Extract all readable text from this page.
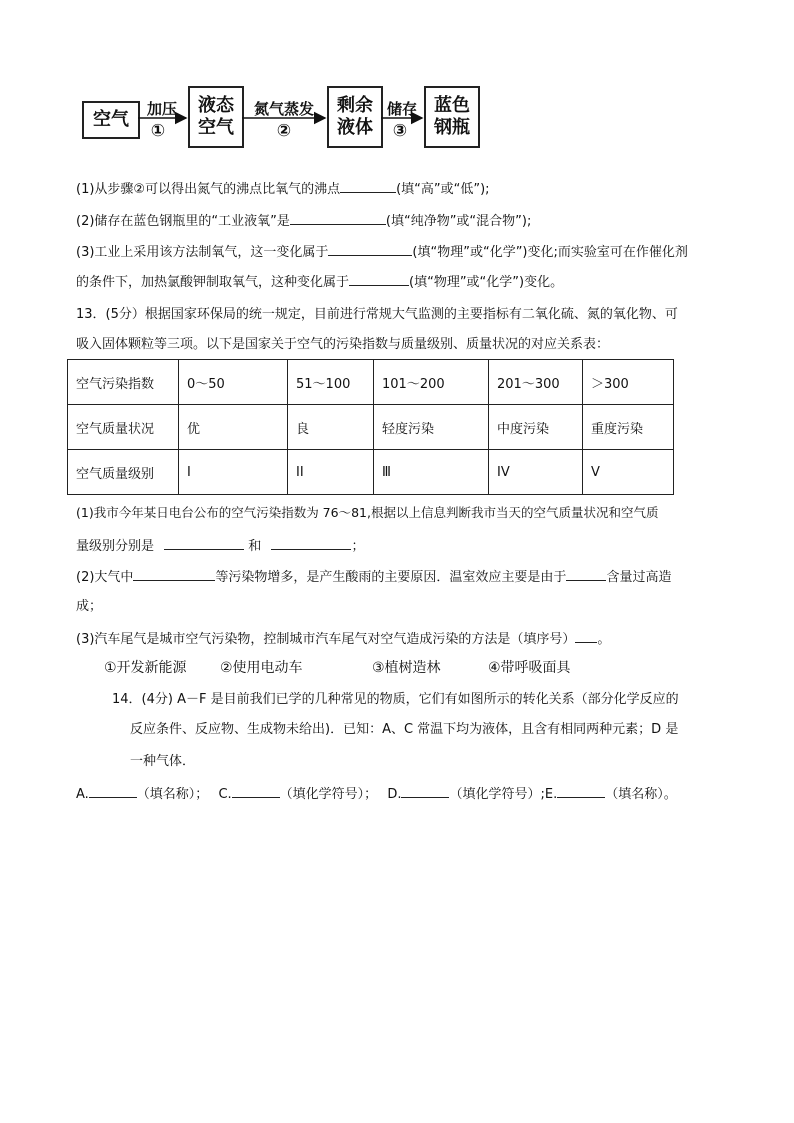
空气
液态
空气
剩余
液体
蓝色
钢瓶
加压
①
氮气蒸发
②
储存
③
(1)从步骤②可以得出氮气的沸点比氧气的沸点	(填“高”或“低”);
(2)储存在蓝色钢瓶里的“工业液氧”是	(填“纯净物”或“混合物”);
(3)工业上采用该方法制氧气，这一变化属于	(填“物理”或“化学”)变化;而实验室可在作催化剂
的条件下，加热氯酸钾制取氧气，这种变化属于	(填“物理”或“化学”)变化。
13．(5分）根据国家环保局的统一规定，目前进行常规大气监测的主要指标有二氧化硫、氮的氧化物、可
吸入固体颗粒等三项。以下是国家关于空气的污染指数与质量级别、质量状况的对应关系表：
空气污染指数	0～50	51～100	101～200	201～300	＞300
空气质量状况	优	良	轻度污染	中度污染	重度污染
空气质量级别	I	II	Ⅲ	IV	V
(1)我市今年某日电台公布的空气污染指数为 76～81,根据以上信息判断我市当天的空气质量状况和空气质
量级别分别是	和	；
(2)大气中	等污染物增多，是产生酸雨的主要原因．温室效应主要是由于	含量过高造
成；
(3)汽车尾气是城市空气污染物，控制城市汽车尾气对空气造成污染的方法是（填序号） 。
①开发新能源 ②使用电动车	③植树造林	④带呼吸面具
14．(4分) A－F 是目前我们已学的几种常见的物质，它们有如图所示的转化关系（部分化学反应的
反应条件、反应物、生成物未给出)．已知：A、C 常温下均为液体，且含有相同两种元素；D 是
一种气体．
A.	（填名称）； C.	（填化学符号）； D.	（填化学符号）;E.	（填名称）。
